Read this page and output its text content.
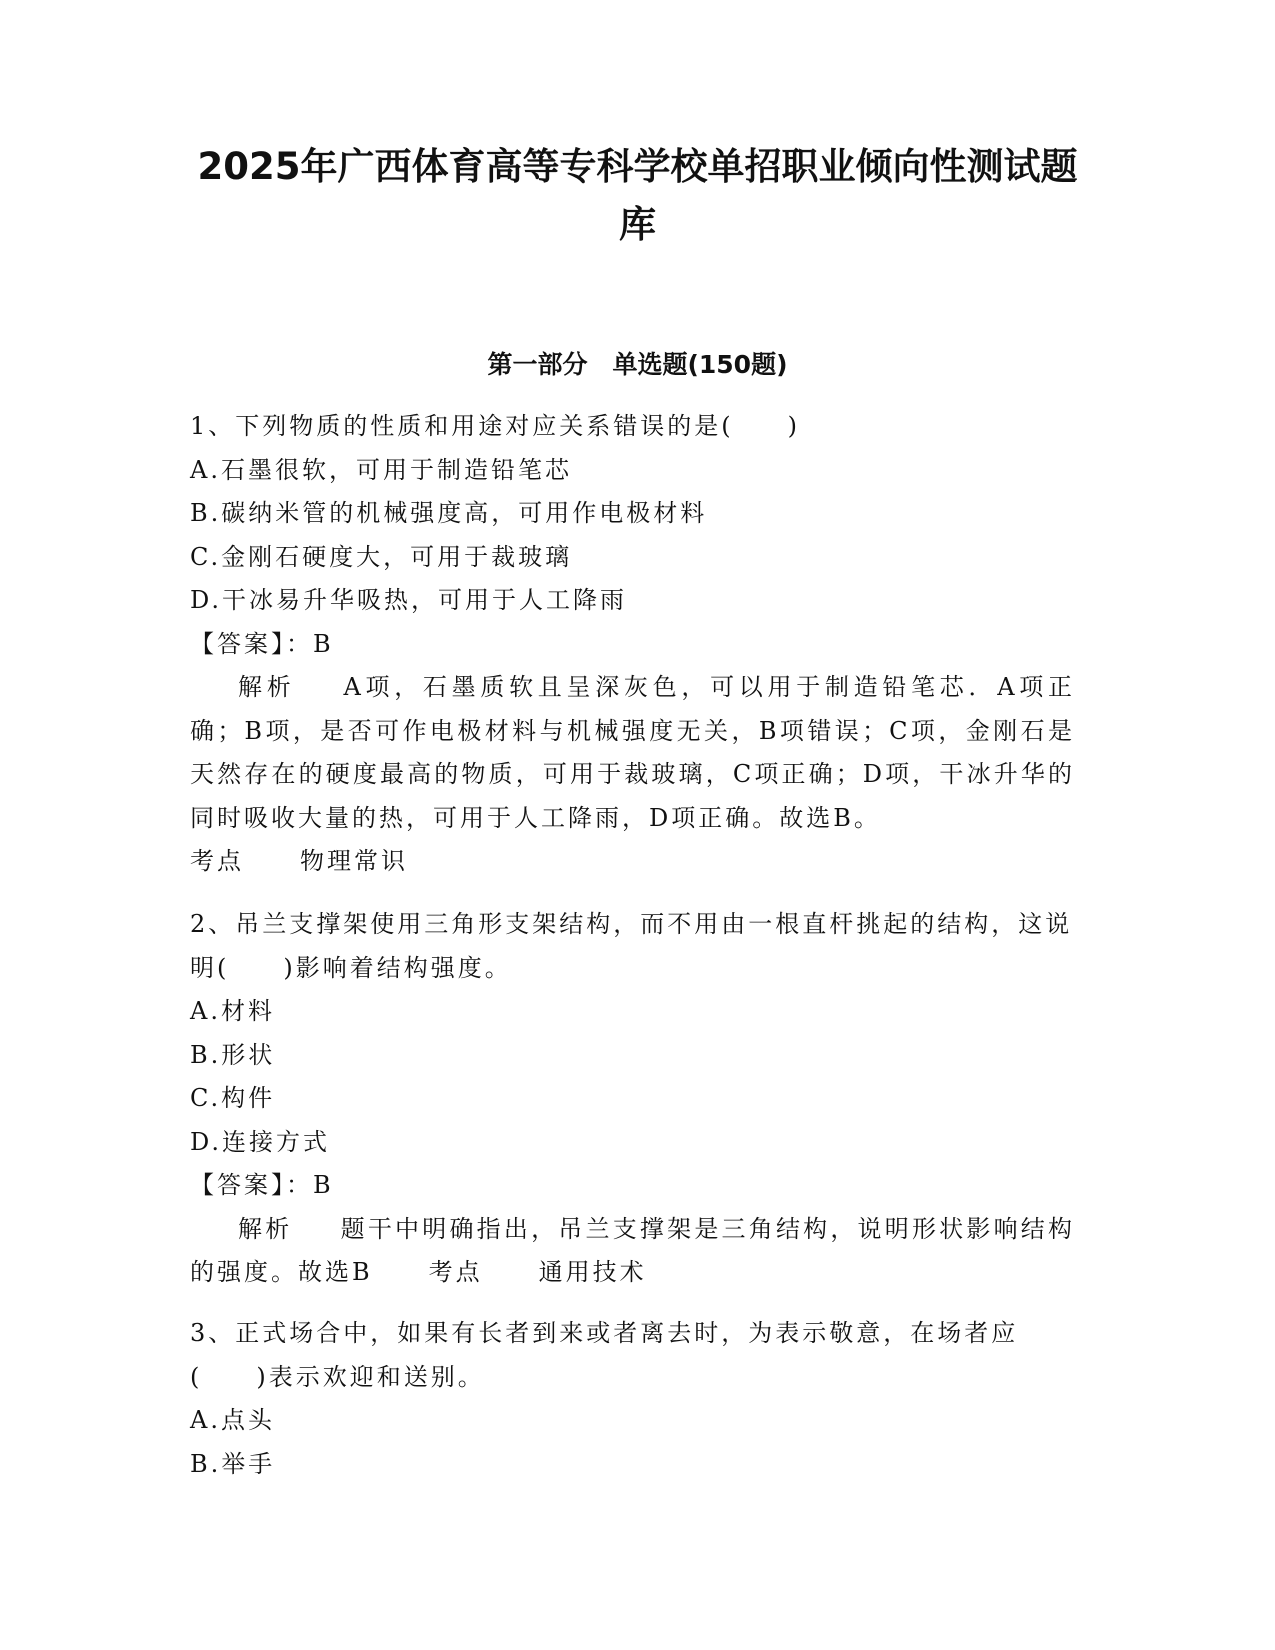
2025年广西体育高等专科学校单招职业倾向性测试题库
第一部分　单选题(150题)
1、下列物质的性质和用途对应关系错误的是(　　)
A.石墨很软，可用于制造铅笔芯
B.碳纳米管的机械强度高，可用作电极材料
C.金刚石硬度大，可用于裁玻璃
D.干冰易升华吸热，可用于人工降雨
【答案】：B
解析 A项，石墨质软且呈深灰色，可以用于制造铅笔芯．A项正确；B项，是否可作电极材料与机械强度无关，B项错误；C项，金刚石是天然存在的硬度最高的物质，可用于裁玻璃，C项正确；D项，干冰升华的同时吸收大量的热，可用于人工降雨，D项正确。故选B。
考点 物理常识
2、吊兰支撑架使用三角形支架结构，而不用由一根直杆挑起的结构，这说明(　　)影响着结构强度。
A.材料
B.形状
C.构件
D.连接方式
【答案】：B
解析 题干中明确指出，吊兰支撑架是三角结构，说明形状影响结构的强度。故选B 考点 通用技术
3、正式场合中，如果有长者到来或者离去时，为表示敬意，在场者应(　　)表示欢迎和送别。
A.点头
B.举手
